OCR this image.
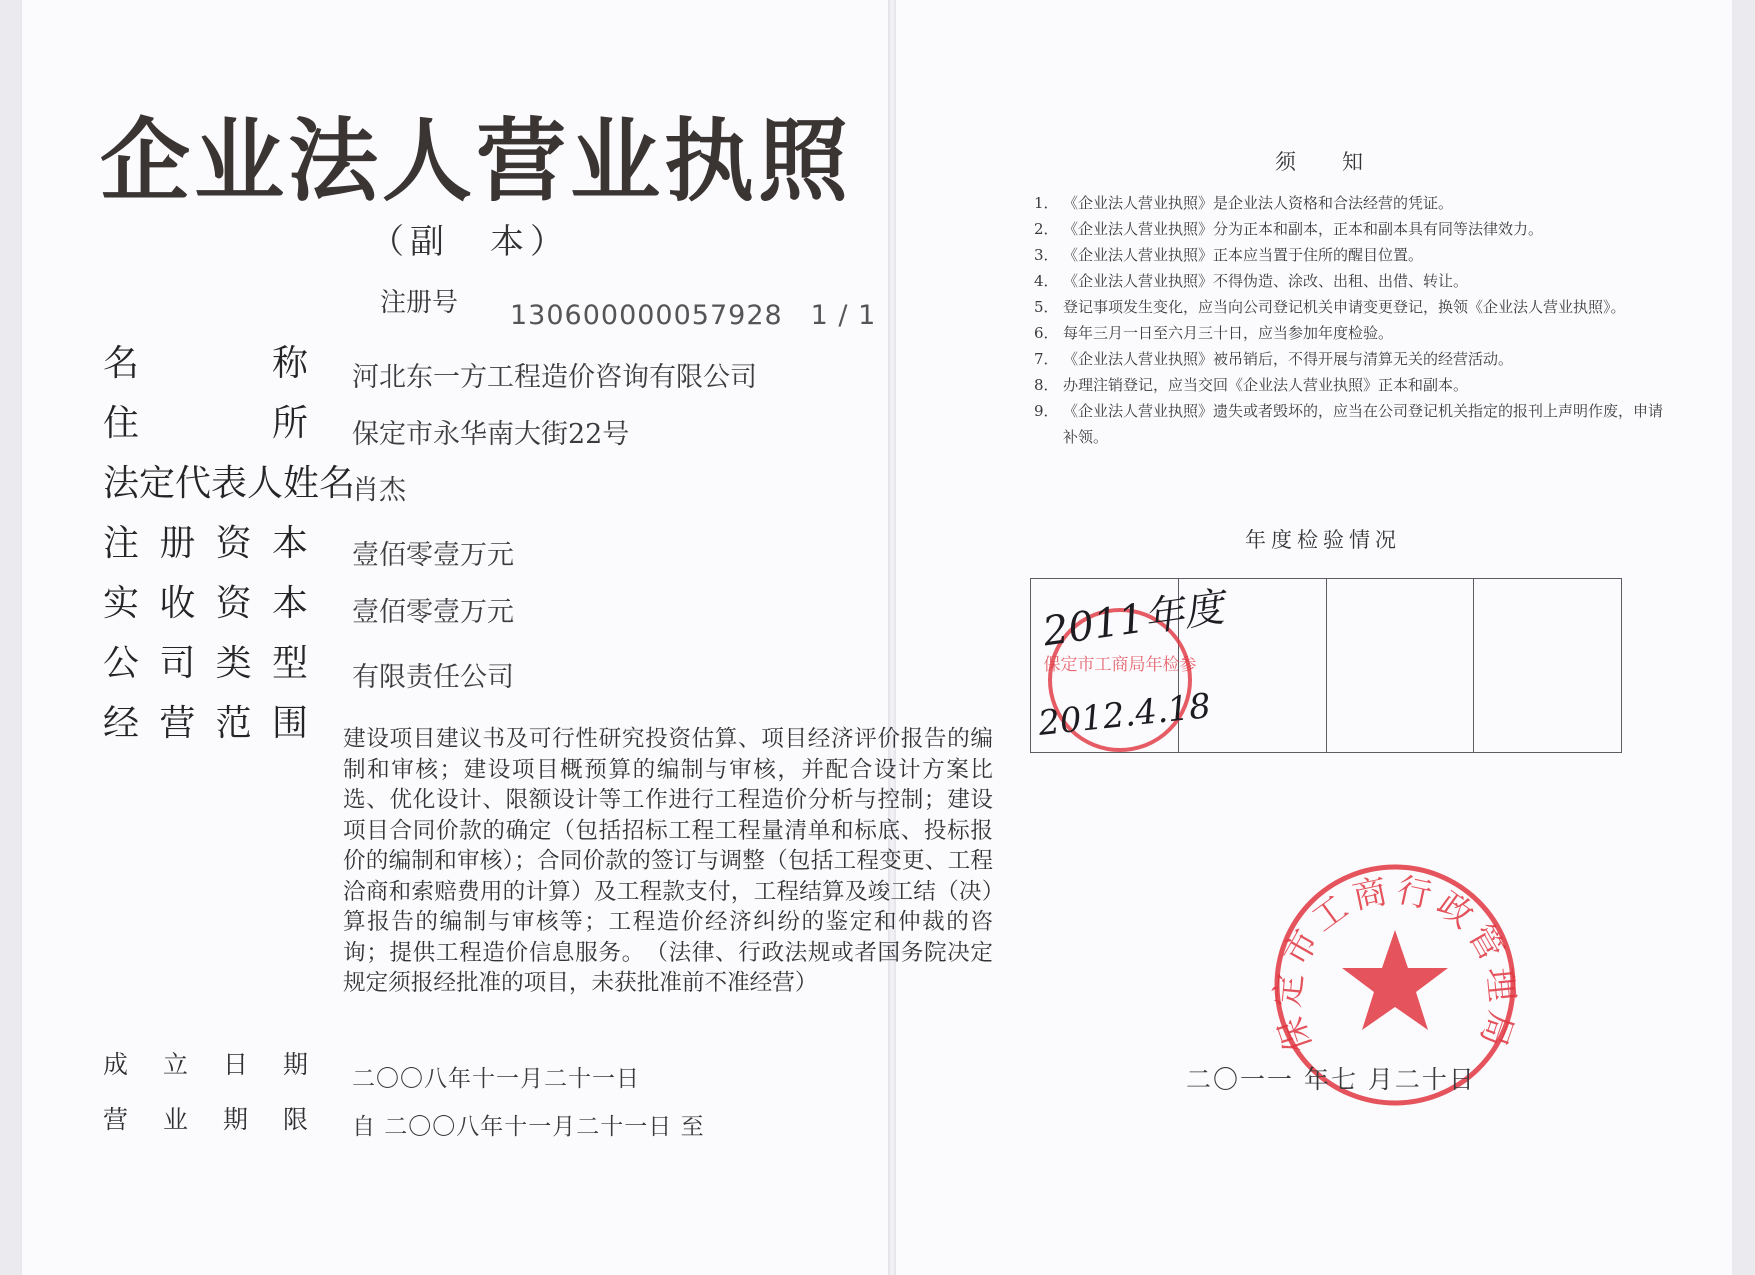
企业法人营业执照
（副　本）
注册号 130600000057928　1 / 1
名称 河北东一方工程造价咨询有限公司
住所 保定市永华南大街22号
法定代表人姓名
肖杰
注册资本 壹佰零壹万元
实收资本 壹佰零壹万元
公司类型 有限责任公司
经营范围 建设项目建议书及可行性研究投资估算、项目经济评价报告的编制和审核；建设项目概预算的编制与审核，并配合设计方案比选、优化设计、限额设计等工作进行工程造价分析与控制；建设项目合同价款的确定（包括招标工程工程量清单和标底、投标报价的编制和审核）；合同价款的签订与调整（包括工程变更、工程洽商和索赔费用的计算）及工程款支付，工程结算及竣工结（决）算报告的编制与审核等；工程造价经济纠纷的鉴定和仲裁的咨询；提供工程造价信息服务。　（法律、行政法规或者国务院决定规定须报经批准的项目，未获批准前不准经营）
成立日期 二〇〇八年十一月二十一日
营业期限 自 二〇〇八年十一月二十一日 至
须知
1． 《企业法人营业执照》是企业法人资格和合法经营的凭证。
2． 《企业法人营业执照》分为正本和副本，正本和副本具有同等法律效力。
3． 《企业法人营业执照》正本应当置于住所的醒目位置。
4． 《企业法人营业执照》不得伪造、涂改、出租、出借、转让。
5． 登记事项发生变化，应当向公司登记机关申请变更登记，换领《企业法人营业执照》。
6． 每年三月一日至六月三十日，应当参加年度检验。
7． 《企业法人营业执照》被吊销后，不得开展与清算无关的经营活动。
8． 办理注销登记，应当交回《企业法人营业执照》正本和副本。
9． 《企业法人营业执照》遗失或者毁坏的，应当在公司登记机关指定的报刊上声明作废，申请补领。
年度检验情况
保定市工商局年检参
2011年度
2012.4.18
保定市工商行政管理局
二〇一一 年七 月二十日
